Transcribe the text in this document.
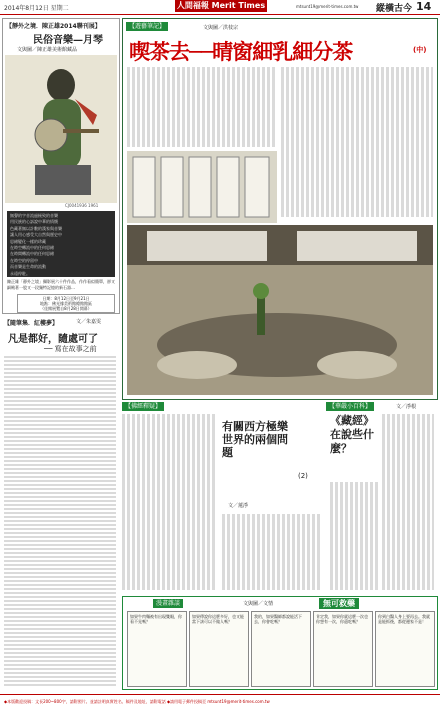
2014年8月12日 星期二	人間福報 Merit Times	mtsunt19@merit-times.com.tw 縱橫古今 14
【靜外之境．陳正雄2014聯刊展】
民俗音樂—月琴
文與圖／陳正雄美術館藏品
CJ0041936 1961
無聲的字音流過極致的音樂
用民族的心訴說中華的情懷
色藏著無以計數的漢家與音樂
讓人用心感受大自然與歷史中
思緒變化一樣的珍藏
在時空轉流中的任何思緒
在時間轉流中的任何思緒
在時空的停留中
而音樂是生命的流動
永遠停駐。
陳正雄「靜外之境」攝影展六十件作品，作作看似簡單，卻又細緻著一股又一段獨特記憶的新石器…
日期：8月12日至9月21日
地點：佛光緣美術館總館館區
（佳餚展覽自8月28日開幕）
【隨筆集．紅樓夢】	文／朱嘉雯
凡是都好，隨處可了
── 寫在故事之前
【遊藝筆記】	文與圖／洪枝宗
喫茶去──晴窗細乳細分茶	(中)
【佛經釋疑】
有關西方極樂世界的兩個問題
(2)
文／蓮淨
【華嚴小百科】	文／淨根
《藏經》在說些什麼？
漫畫雜談	文與圖／文情	無可救藥
如果牛肉麵被有出現雙眼，你看不見嗎？
如果傳說你這麼多好，也又能當下該可以不做人嗎？
我的，如果醫師都說能活下去，你會吃嗎？
肯定我，如果你就這麼一次也你想有一次，你還吃嗎？
你到白醫人身上要再去。我就是能抓後，都從邊家不是！
◆本版歡迎投稿：文長200~800字，請附照片。並請註明真實姓名、稿件及地址，請附電話 ◆請用電子郵件投稿至 mtsunt19@merit-times.com.tw
